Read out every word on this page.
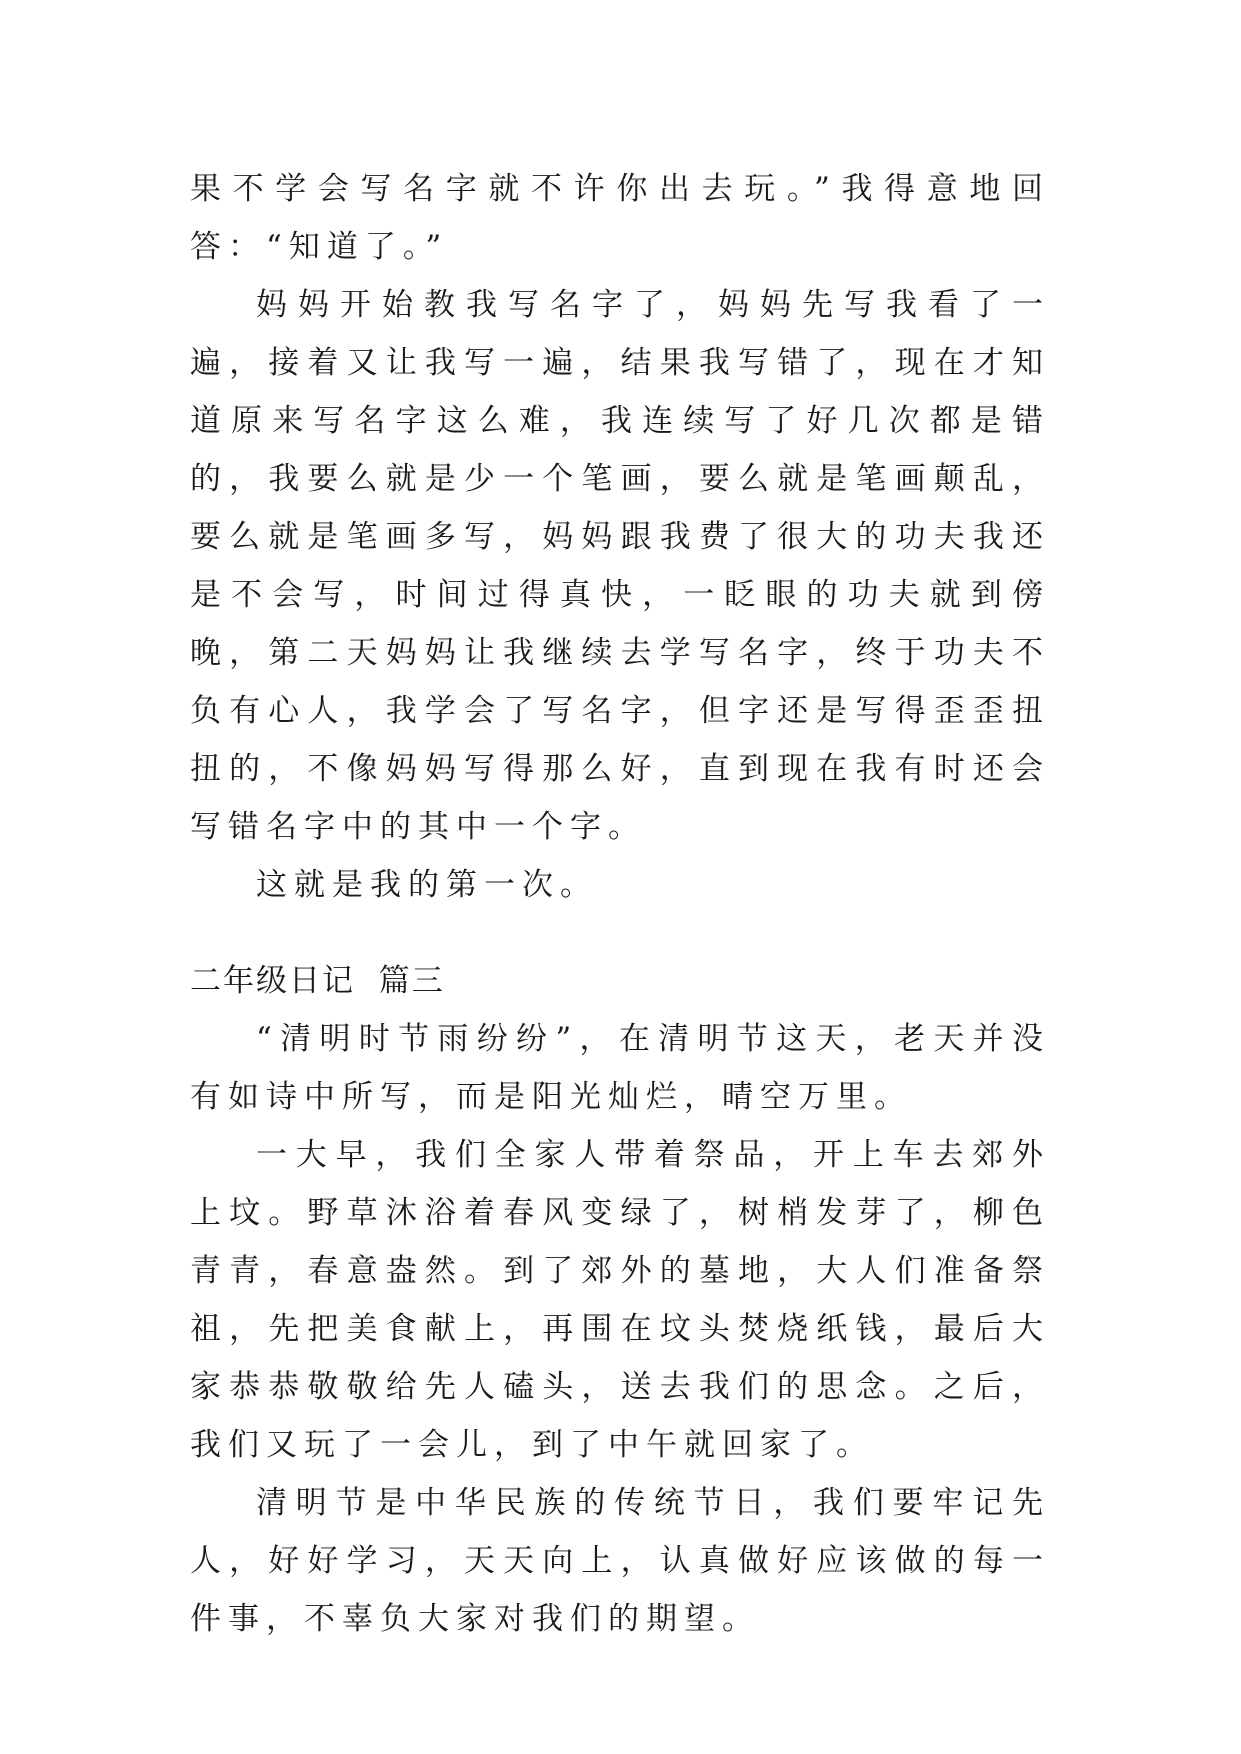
果不学会写名字就不许你出去玩。”我得意地回答：“知道了。”

妈妈开始教我写名字了，妈妈先写我看了一遍，接着又让我写一遍，结果我写错了，现在才知道原来写名字这么难，我连续写了好几次都是错的，我要么就是少一个笔画，要么就是笔画颠乱，要么就是笔画多写，妈妈跟我费了很大的功夫我还是不会写，时间过得真快，一眨眼的功夫就到傍晚，第二天妈妈让我继续去学写名字，终于功夫不负有心人，我学会了写名字，但字还是写得歪歪扭扭的，不像妈妈写得那么好，直到现在我有时还会写错名字中的其中一个字。

这就是我的第一次。

二年级日记  篇三

“清明时节雨纷纷”，在清明节这天，老天并没有如诗中所写，而是阳光灿烂，晴空万里。

一大早，我们全家人带着祭品，开上车去郊外上坟。野草沐浴着春风变绿了，树梢发芽了，柳色青青，春意盎然。到了郊外的墓地，大人们准备祭祖，先把美食献上，再围在坟头焚烧纸钱，最后大家恭恭敬敬给先人磕头，送去我们的思念。之后，我们又玩了一会儿，到了中午就回家了。

清明节是中华民族的传统节日，我们要牢记先人，好好学习，天天向上，认真做好应该做的每一件事，不辜负大家对我们的期望。
